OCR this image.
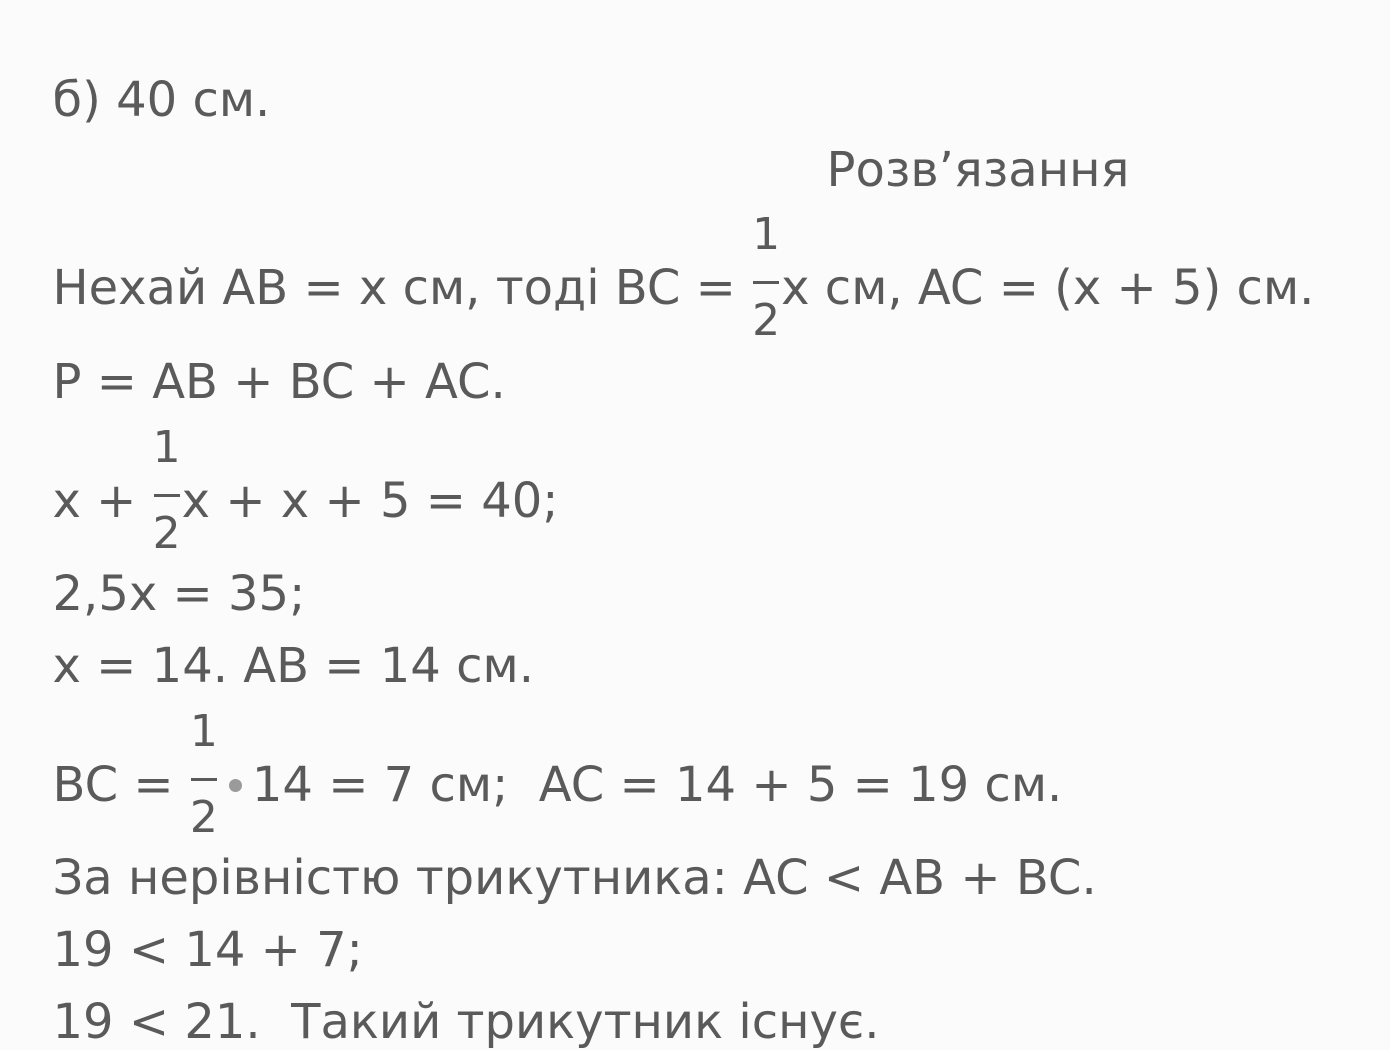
б) 40 см.

Розв’язання

Нехай AB = x см, тоді BC = $\frac{1}{2}$ x см, AC = (x + 5) см.

P = AB + BC + AC.

$x + \frac{1}{2}$ x + x + 5 = 40;

2,5x = 35;

x = 14. AB = 14 см.

BC = $\frac{1}{2} 14 = 7$ см;  AC = 14 + 5 = 19 см.

За нерівністю трикутника: AC < AB + BC.

19 < 14 + 7;

19 < 21.  Такий трикутник існує.
